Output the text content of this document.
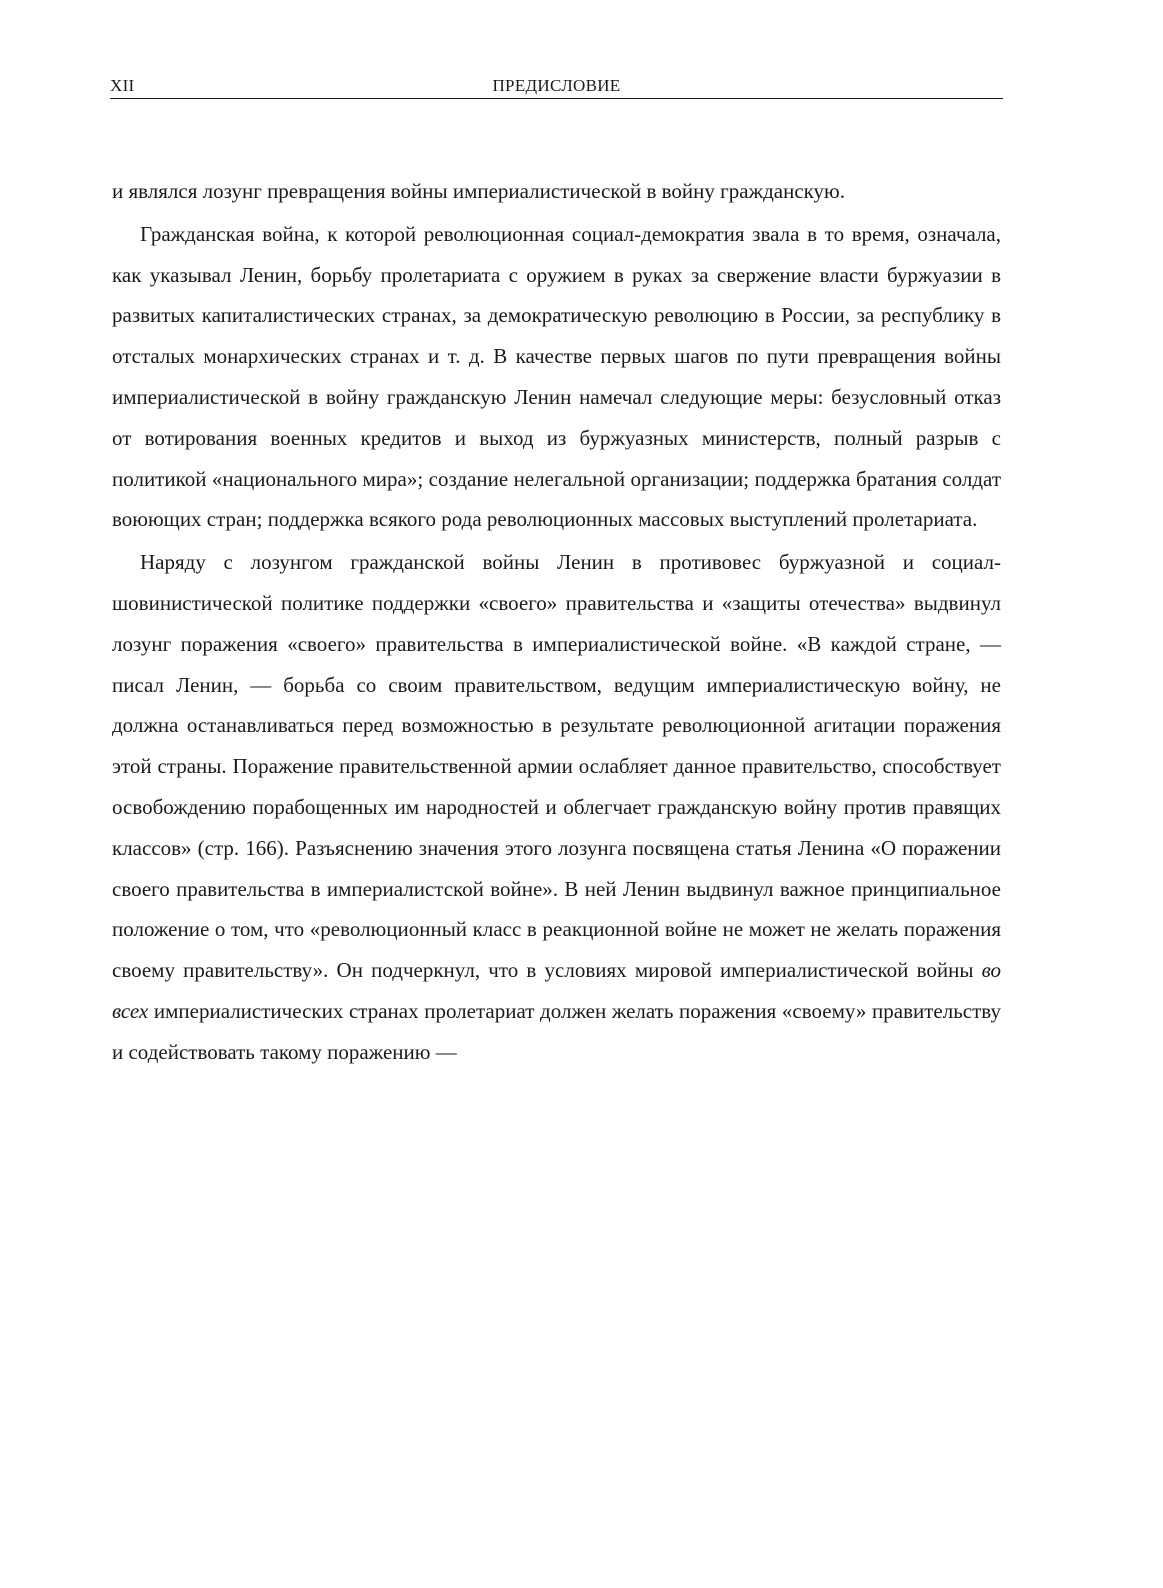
XII	ПРЕДИСЛОВИЕ

и являлся лозунг превращения войны империалистической в войну гражданскую.

Гражданская война, к которой революционная социал-демократия звала в то время, означала, как указывал Ленин, борьбу пролетариата с оружием в руках за свержение власти буржуазии в развитых капиталистических странах, за демократическую революцию в России, за республику в отсталых монархических странах и т. д. В качестве первых шагов по пути превращения войны империалистической в войну гражданскую Ленин намечал следующие меры: безусловный отказ от вотирования военных кредитов и выход из буржуазных министерств, полный разрыв с политикой «национального мира»; создание нелегальной организации; поддержка братания солдат воюющих стран; поддержка всякого рода революционных массовых выступлений пролетариата.

Наряду с лозунгом гражданской войны Ленин в противовес буржуазной и социал-шовинистической политике поддержки «своего» правительства и «защиты отечества» выдвинул лозунг поражения «своего» правительства в империалистической войне. «В каждой стране, — писал Ленин, — борьба со своим правительством, ведущим империалистическую войну, не должна останавливаться перед возможностью в результате революционной агитации поражения этой страны. Поражение правительственной армии ослабляет данное правительство, способствует освобождению порабощенных им народностей и облегчает гражданскую войну против правящих классов» (стр. 166). Разъяснению значения этого лозунга посвящена статья Ленина «О поражении своего правительства в империалистской войне». В ней Ленин выдвинул важное принципиальное положение о том, что «революционный класс в реакционной войне не может не желать поражения своему правительству». Он подчеркнул, что в условиях мировой империалистической войны во всех империалистических странах пролетариат должен желать поражения «своему» правительству и содействовать такому поражению —
